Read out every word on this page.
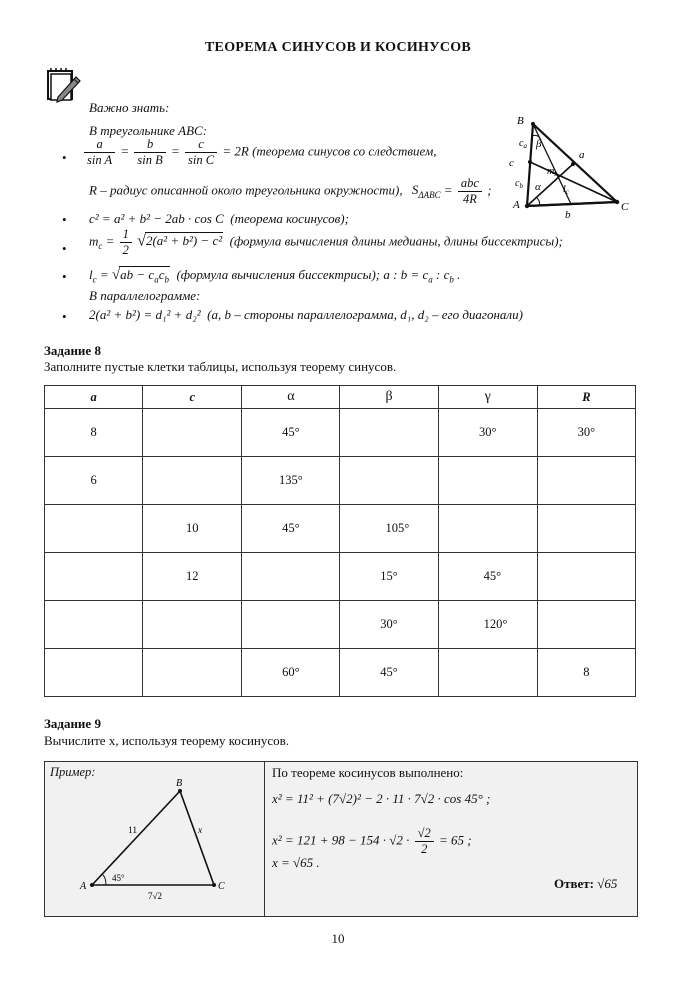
ТЕОРЕМА СИНУСОВ И КОСИНУСОВ
Важно знать:
В треугольнике ABC:
• $\frac{a}{\text{sin A}} = \frac{b}{\text{sin B}} = \frac{c}{\text{sin C}} = 2R$ (теорема синусов со следствием,
R – радиус описанной около треугольника окружности), $S_{\Delta ABC} = \frac{\text{abc}}{4R}$ ;
• c² = a² + b² − 2ab · cos C (теорема косинусов);
•
$m_c = \frac{1}{2} √2(a^2 + b^2) - c^2$ (формула вычисления длины медианы, длины биссектрисы);
• $l_c = √ab - c_ac_b$ (формула вычисления биссектрисы); a : $b = c_a$ : $c_b$ .
В параллелограмме:
• 2(a² + b²) = d₁² + d₂² (a, b – стороны параллелограмма, d₁, d₂ – его диагонали)
B
A	C
a
b
c
$c_a$
$c_b$ α
β
$m_b$
$l_c$
Задание 8
Заполните пустые клетки таблицы, используя теорему синусов.
a	c	α	β	γ	R
8		45°		30°	30°
6		135°			
	10	45°	105°		
	12		15°	45°	
			30°	120°	
		60°	45°		8
Задание 9
Вычислите x, используя теорему косинусов.
Пример:
B
A	C
11	x
45°
7√2
По теореме косинусов выполнено:
x² = 11² + (7√2)² − 2 · 11 · 7√2 · cos 45° ;
$x^2 = 121 + 98 - 154 \cdot √2 \cdot \frac{√2}{2} = 65$ ;
x = √65 .
Ответ: √65
10
